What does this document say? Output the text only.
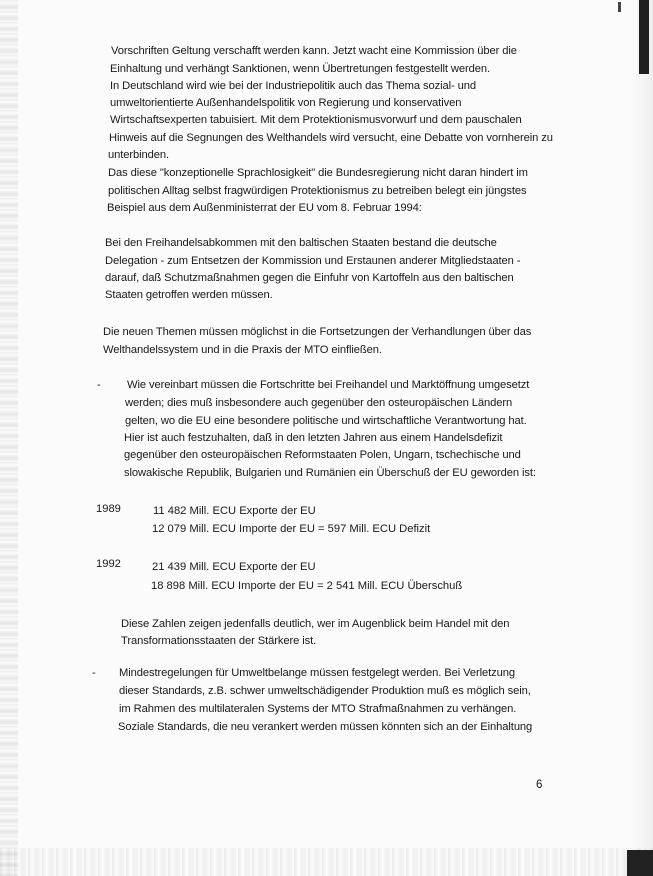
Vorschriften Geltung verschafft werden kann. Jetzt wacht eine Kommission über die
Einhaltung und verhängt Sanktionen, wenn Übertretungen festgestellt werden.
In Deutschland wird wie bei der Industriepolitik auch das Thema sozial- und
umweltorientierte Außenhandelspolitik von Regierung und konservativen
Wirtschaftsexperten tabuisiert. Mit dem Protektionismusvorwurf und dem pauschalen
Hinweis auf die Segnungen des Welthandels wird versucht, eine Debatte von vornherein zu
unterbinden.
Das diese "konzeptionelle Sprachlosigkeit" die Bundesregierung nicht daran hindert im
politischen Alltag selbst fragwürdigen Protektionismus zu betreiben belegt ein jüngstes
Beispiel aus dem Außenministerrat der EU vom 8. Februar 1994:
Bei den Freihandelsabkommen mit den baltischen Staaten bestand die deutsche
Delegation - zum Entsetzen der Kommission und Erstaunen anderer Mitgliedstaaten -
darauf, daß Schutzmaßnahmen gegen die Einfuhr von Kartoffeln aus den baltischen
Staaten getroffen werden müssen.
Die neuen Themen müssen möglichst in die Fortsetzungen der Verhandlungen über das
Welthandelssystem und in die Praxis der MTO einfließen.
- Wie vereinbart müssen die Fortschritte bei Freihandel und Marktöffnung umgesetzt
werden; dies muß insbesondere auch gegenüber den osteuropäischen Ländern
gelten, wo die EU eine besondere politische und wirtschaftliche Verantwortung hat.
Hier ist auch festzuhalten, daß in den letzten Jahren aus einem Handelsdefizit
gegenüber den osteuropäischen Reformstaaten Polen, Ungarn, tschechische und
slowakische Republik, Bulgarien und Rumänien ein Überschuß der EU geworden ist:
1989	11 482 Mill. ECU Exporte der EU
12 079 Mill. ECU Importe der EU = 597 Mill. ECU Defizit
1992	21 439 Mill. ECU Exporte der EU
18 898 Mill. ECU Importe der EU = 2 541 Mill. ECU Überschuß
Diese Zahlen zeigen jedenfalls deutlich, wer im Augenblick beim Handel mit den
Transformationsstaaten der Stärkere ist.
- Mindestregelungen für Umweltbelange müssen festgelegt werden. Bei Verletzung
dieser Standards, z.B. schwer umweltschädigender Produktion muß es möglich sein,
im Rahmen des multilateralen Systems der MTO Strafmaßnahmen zu verhängen.
Soziale Standards, die neu verankert werden müssen könnten sich an der Einhaltung
6
